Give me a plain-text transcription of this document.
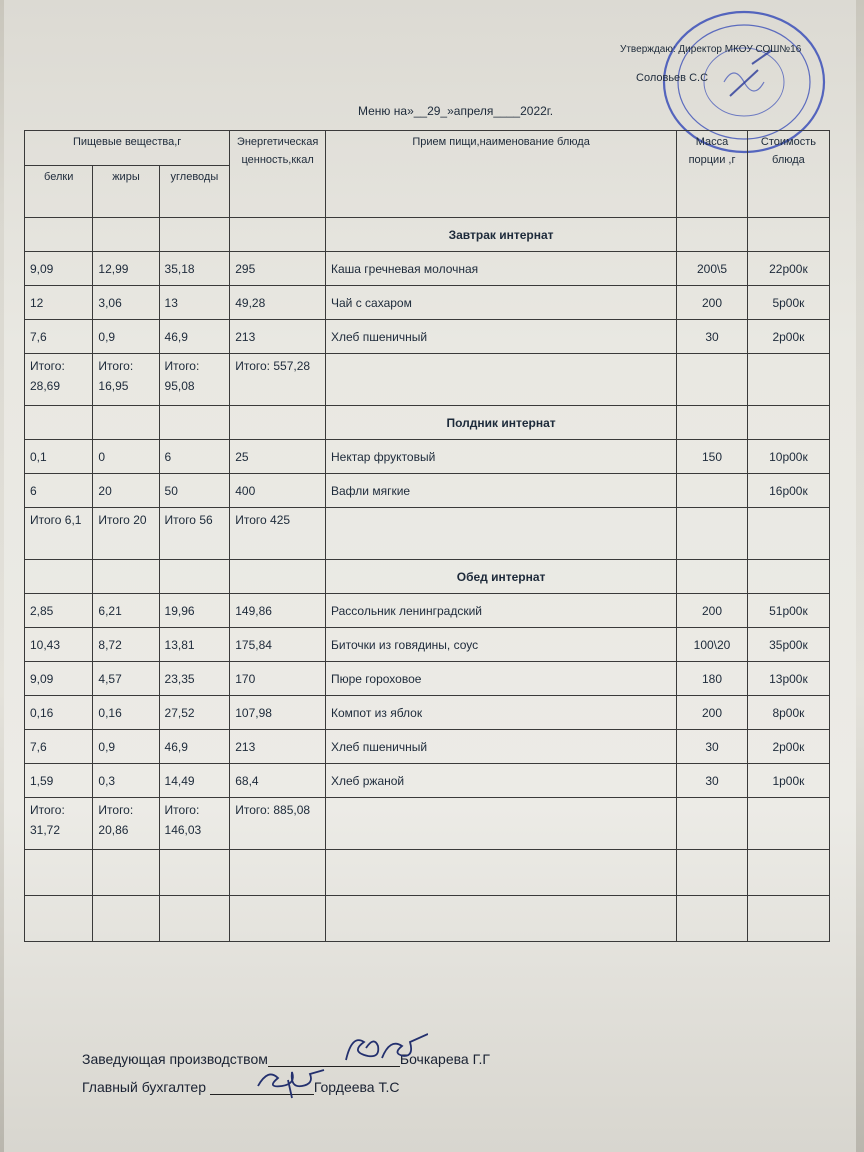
Утверждаю: Директор МКОУ СОШ№16
Соловьев С.С
Меню на»__29_»апреля____2022г.
Пищевые вещества,г			Энергетическая ценность,ккал	Прием пищи,наименование блюда	Масса порции ,г	Стоимость блюда
белки	жиры	углеводы				
				Завтрак интернат		
9,09	12,99	35,18	295	Каша гречневая молочная	200\5	22р00к
12	3,06	13	49,28	Чай с сахаром	200	5р00к
7,6	0,9	46,9	213	Хлеб пшеничный	30	2р00к
Итого: 28,69	Итого: 16,95	Итого: 95,08	Итого: 557,28			
				Полдник интернат		
0,1	0	6	25	Нектар фруктовый	150	10р00к
6	20	50	400	Вафли мягкие		16р00к
Итого 6,1	Итого 20	Итого 56	Итого 425			
				Обед интернат		
2,85	6,21	19,96	149,86	Рассольник ленинградский	200	51р00к
10,43	8,72	13,81	175,84	Биточки из говядины, соус	100\20	35р00к
9,09	4,57	23,35	170	Пюре гороховое	180	13р00к
0,16	0,16	27,52	107,98	Компот из яблок	200	8р00к
7,6	0,9	46,9	213	Хлеб пшеничный	30	2р00к
1,59	0,3	14,49	68,4	Хлеб ржаной	30	1р00к
Итого: 31,72	Итого: 20,86	Итого: 146,03	Итого: 885,08			

Заведующая производством	Бочкарева Г.Г
Главный бухгалтер	Гордеева Т.С
